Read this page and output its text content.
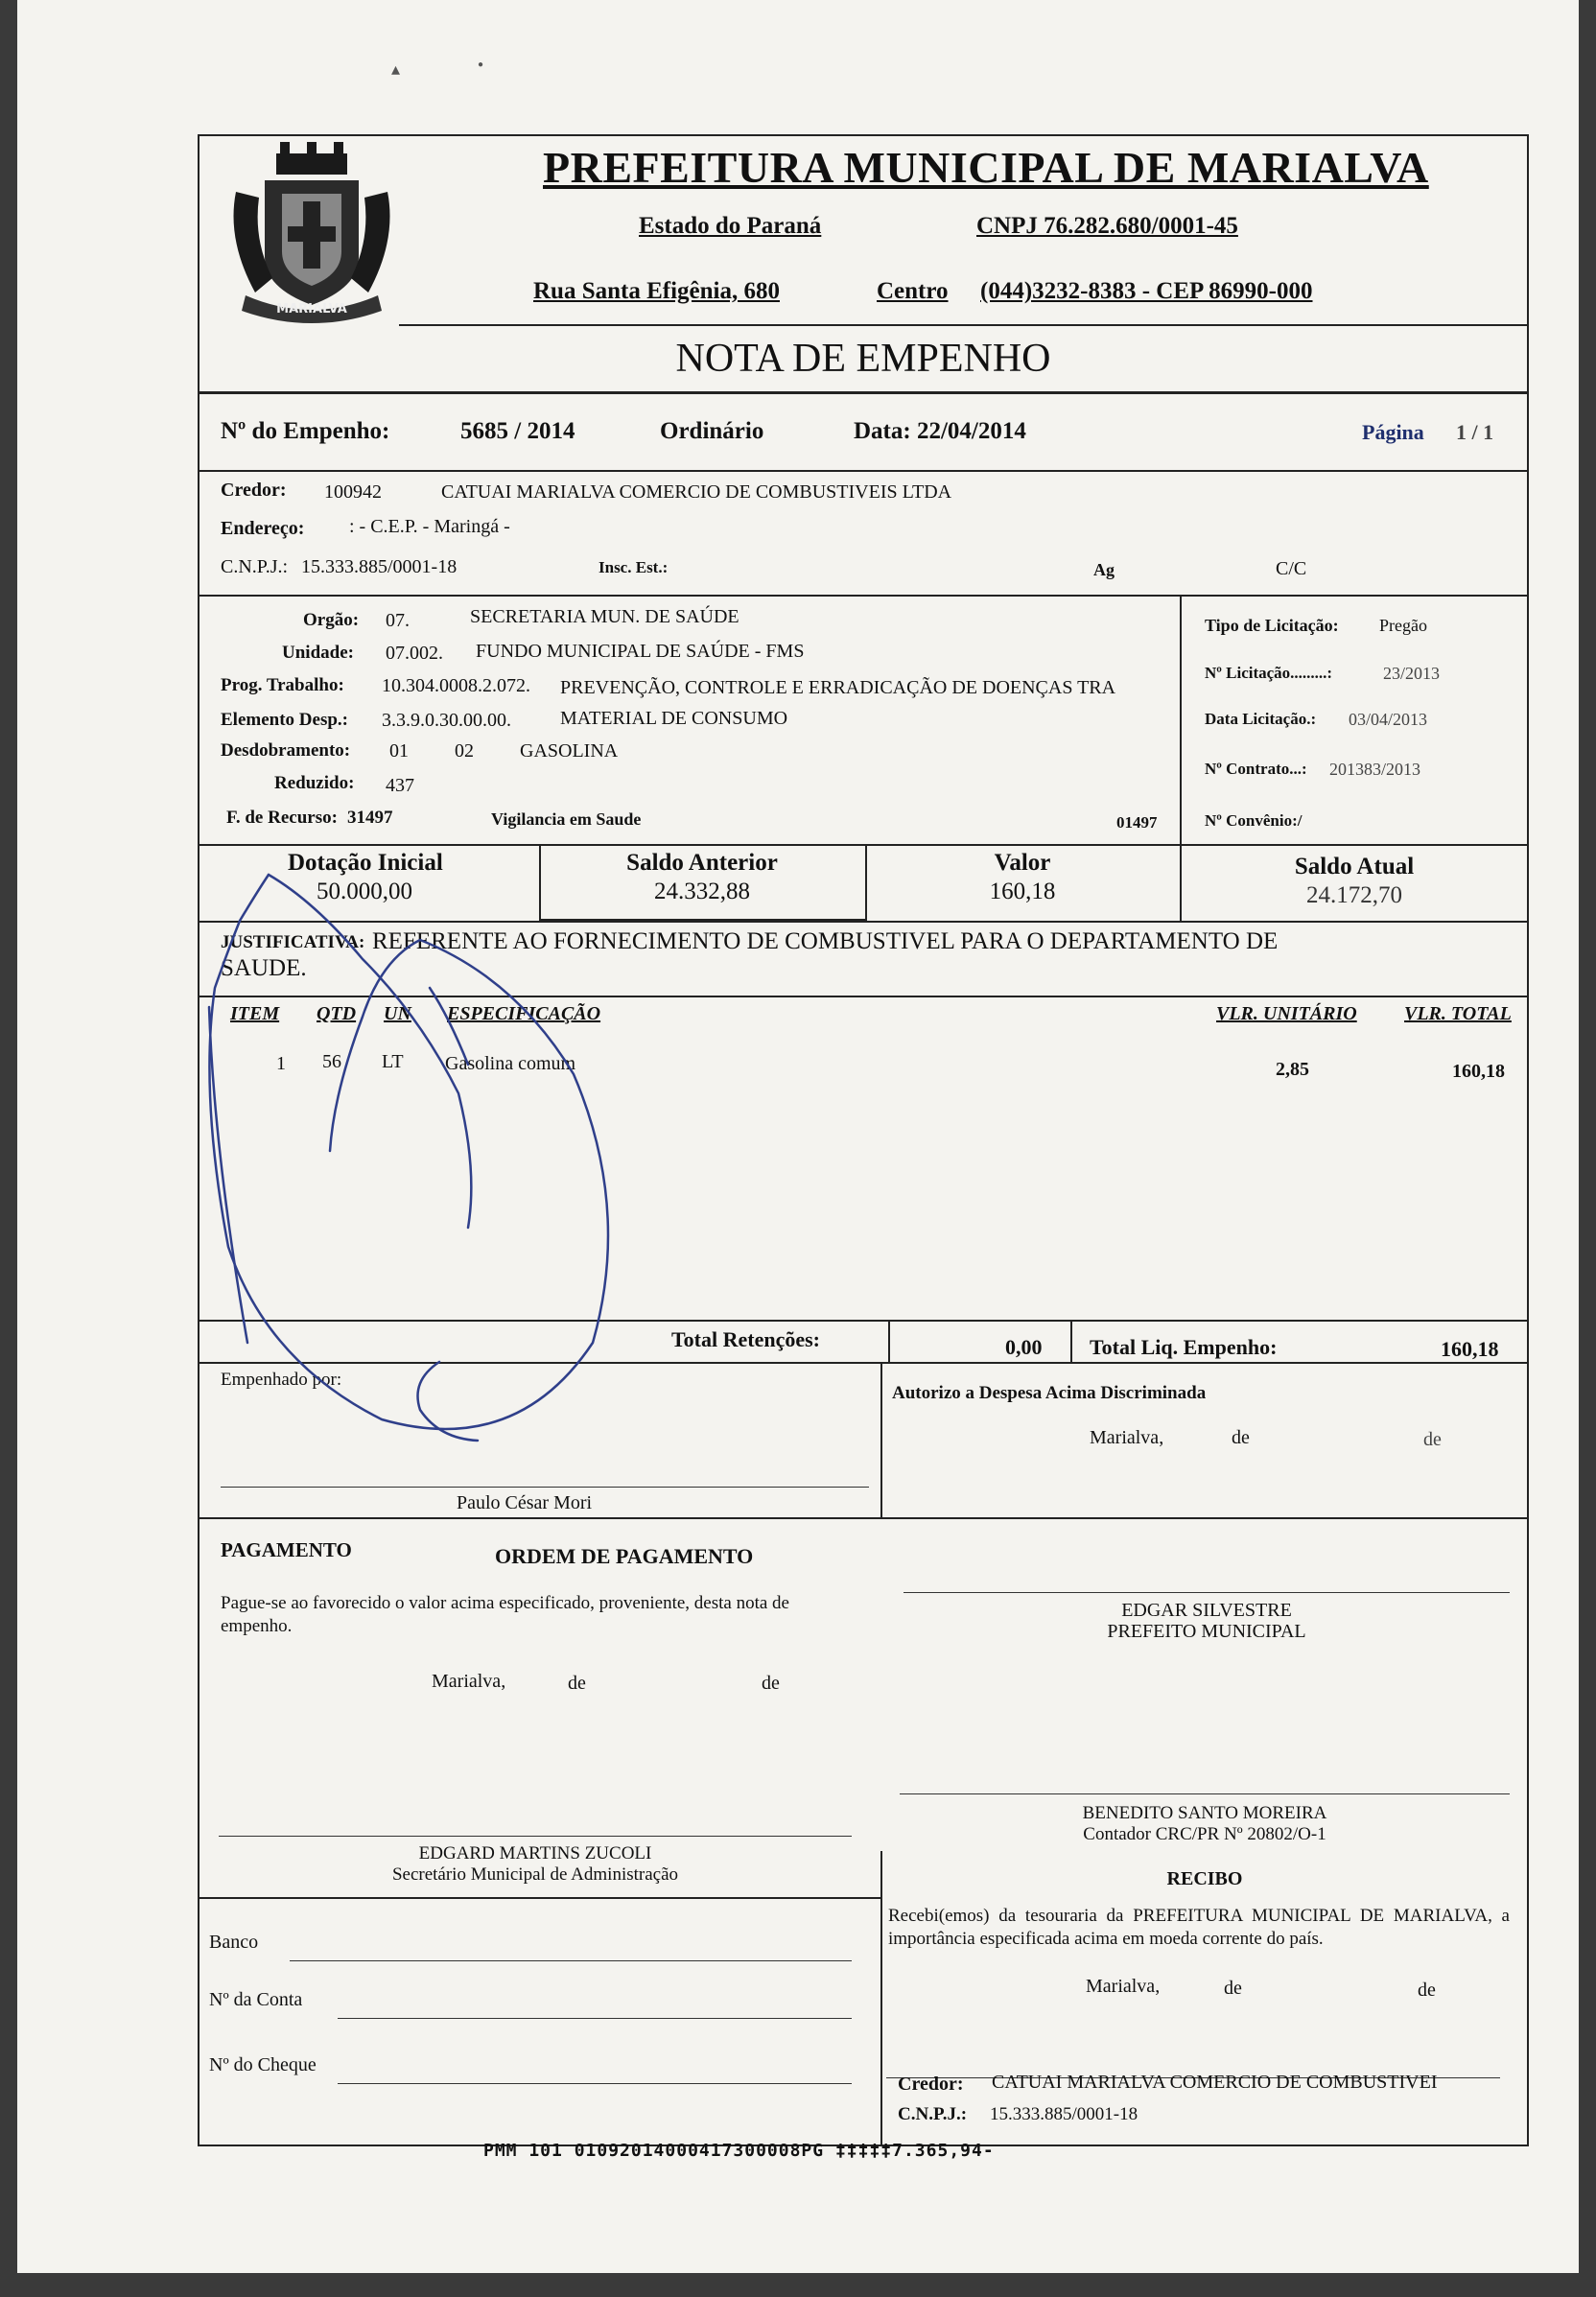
▴	●
MARIALVA
PREFEITURA MUNICIPAL DE MARIALVA
Estado do Paraná	CNPJ 76.282.680/0001-45
Rua Santa Efigênia, 680	Centro (044)3232-8383 - CEP 86990-000
NOTA DE EMPENHO
Nº do Empenho:	5685 / 2014	Ordinário	Data: 22/04/2014	Página 1 / 1
Credor: 100942	CATUAI MARIALVA COMERCIO DE COMBUSTIVEIS LTDA
Endereço: : - C.E.P. - Maringá -
C.N.P.J.: 15.333.885/0001-18	Insc. Est.:	Ag	C/C
Orgão: 07.	SECRETARIA MUN. DE SAÚDE
Unidade: 07.002. FUNDO MUNICIPAL DE SAÚDE - FMS
Prog. Trabalho: 10.304.0008.2.072. PREVENÇÃO, CONTROLE E ERRADICAÇÃO DE DOENÇAS TRA
Elemento Desp.: 3.3.9.0.30.00.00.	MATERIAL DE CONSUMO
Desdobramento: 01 02 GASOLINA
Reduzido: 437
F. de Recurso: 31497	Vigilancia em Saude	01497
Tipo de Licitação: Pregão
Nº Licitação.........:	23/2013
Data Licitação.: 03/04/2013
Nº Contrato...: 201383/2013
Nº Convênio:/
Dotação Inicial
50.000,00
Saldo Anterior
24.332,88
Valor
160,18
Saldo Atual
24.172,70
JUSTIFICATIVA: REFERENTE AO FORNECIMENTO DE COMBUSTIVEL PARA O DEPARTAMENTO DE
SAUDE.
ITEM QTD UN ESPECIFICAÇÃO	VLR. UNITÁRIO VLR. TOTAL
1 56 LT Gasolina comum	2,85	160,18
Total Retenções:	0,00 Total Liq. Empenho:	160,18
Empenhado por:
Paulo César Mori
Autorizo a Despesa Acima Discriminada
Marialva,	de	de
PAGAMENTO	ORDEM DE PAGAMENTO
Pague-se ao favorecido o valor acima especificado, proveniente, desta nota de empenho.
Marialva,	de	de
EDGAR SILVESTRE
PREFEITO MUNICIPAL
BENEDITO SANTO MOREIRA
Contador CRC/PR Nº 20802/O-1
EDGARD MARTINS ZUCOLI
Secretário Municipal de Administração	RECIBO
Recebi(emos) da tesouraria da PREFEITURA MUNICIPAL DE MARIALVA, a importância especificada acima em moeda corrente do país.
Marialva,	de	de
Credor: CATUAI MARIALVA COMERCIO DE COMBUSTIVEI
C.N.P.J.: 15.333.885/0001-18
Banco
Nº da Conta
Nº do Cheque
PMM 101 01092014000417300008PG ‡‡‡‡‡7.365,94-
